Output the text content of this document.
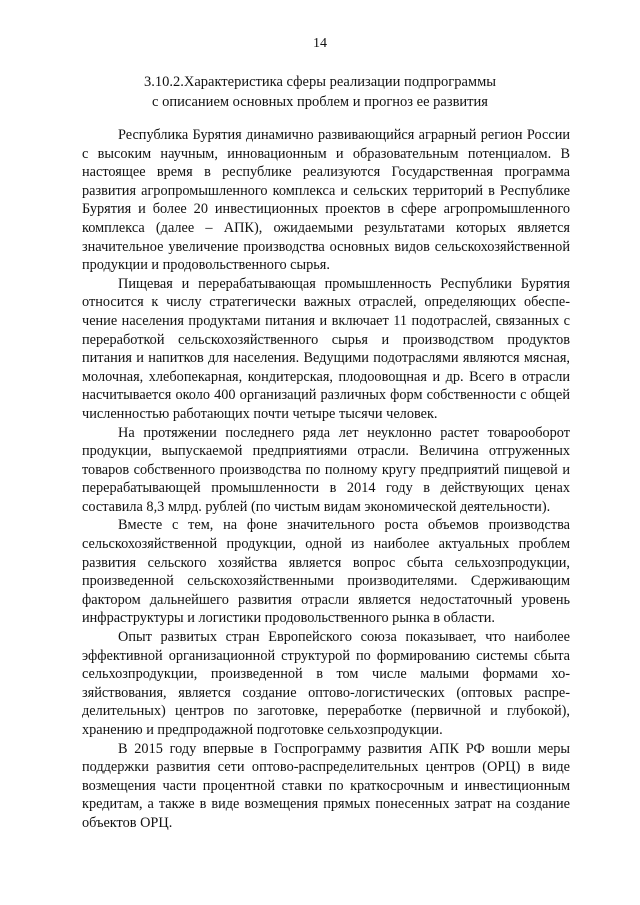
14
3.10.2.Характеристика сферы реализации подпрограммы
с описанием основных проблем и прогноз ее развития

Республика Бурятия динамично развивающийся аграрный регион России с высоким научным, инновационным и образовательным потенциалом. В настоящее время в республике реализуются Государственная программа развития агропромышленного комплекса и сельских территорий в Республике Бурятия и более 20 инвестиционных проектов в сфере агропромышленного комплекса (далее – АПК), ожидаемыми результатами которых является значительное увеличение производства основных видов сельскохозяйственной продукции и продовольственного сырья.

Пищевая и перерабатывающая промышленность Республики Бурятия относится к числу стратегически важных отраслей, определяющих обеспечение населения продуктами питания и включает 11 подотраслей, связанных с переработкой сельскохозяйственного сырья и производством продуктов питания и напитков для населения. Ведущими подотраслями являются мясная, молочная, хлебопекарная, кондитерская, плодоовощная и др. Всего в отрасли насчитывается около 400 организаций различных форм собственности с общей численностью работающих почти четыре тысячи человек.

На протяжении последнего ряда лет неуклонно растет товарооборот продукции, выпускаемой предприятиями отрасли. Величина отгруженных товаров собственного производства по полному кругу предприятий пищевой и перерабатывающей промышленности в 2014 году в действующих ценах составила 8,3 млрд. рублей (по чистым видам экономической деятельности).

Вместе с тем, на фоне значительного роста объемов производства сельскохозяйственной продукции, одной из наиболее актуальных проблем развития сельского хозяйства является вопрос сбыта сельхозпродукции, произведенной сельскохозяйственными производителями. Сдерживающим фактором дальнейшего развития отрасли является недостаточный уровень инфраструктуры и логистики продовольственного рынка в области.

Опыт развитых стран Европейского союза показывает, что наиболее эффективной организационной структурой по формированию системы сбыта сельхозпродукции, произведенной в том числе малыми формами хозяйствования, является создание оптово-логистических (оптовых распределительных) центров по заготовке, переработке (первичной и глубокой), хранению и предпродажной подготовке сельхозпродукции.

В 2015 году впервые в Госпрограмму развития АПК РФ вошли меры поддержки развития сети оптово-распределительных центров (ОРЦ) в виде возмещения части процентной ставки по краткосрочным и инвестиционным кредитам, а также в виде возмещения прямых понесенных затрат на создание объектов ОРЦ.
